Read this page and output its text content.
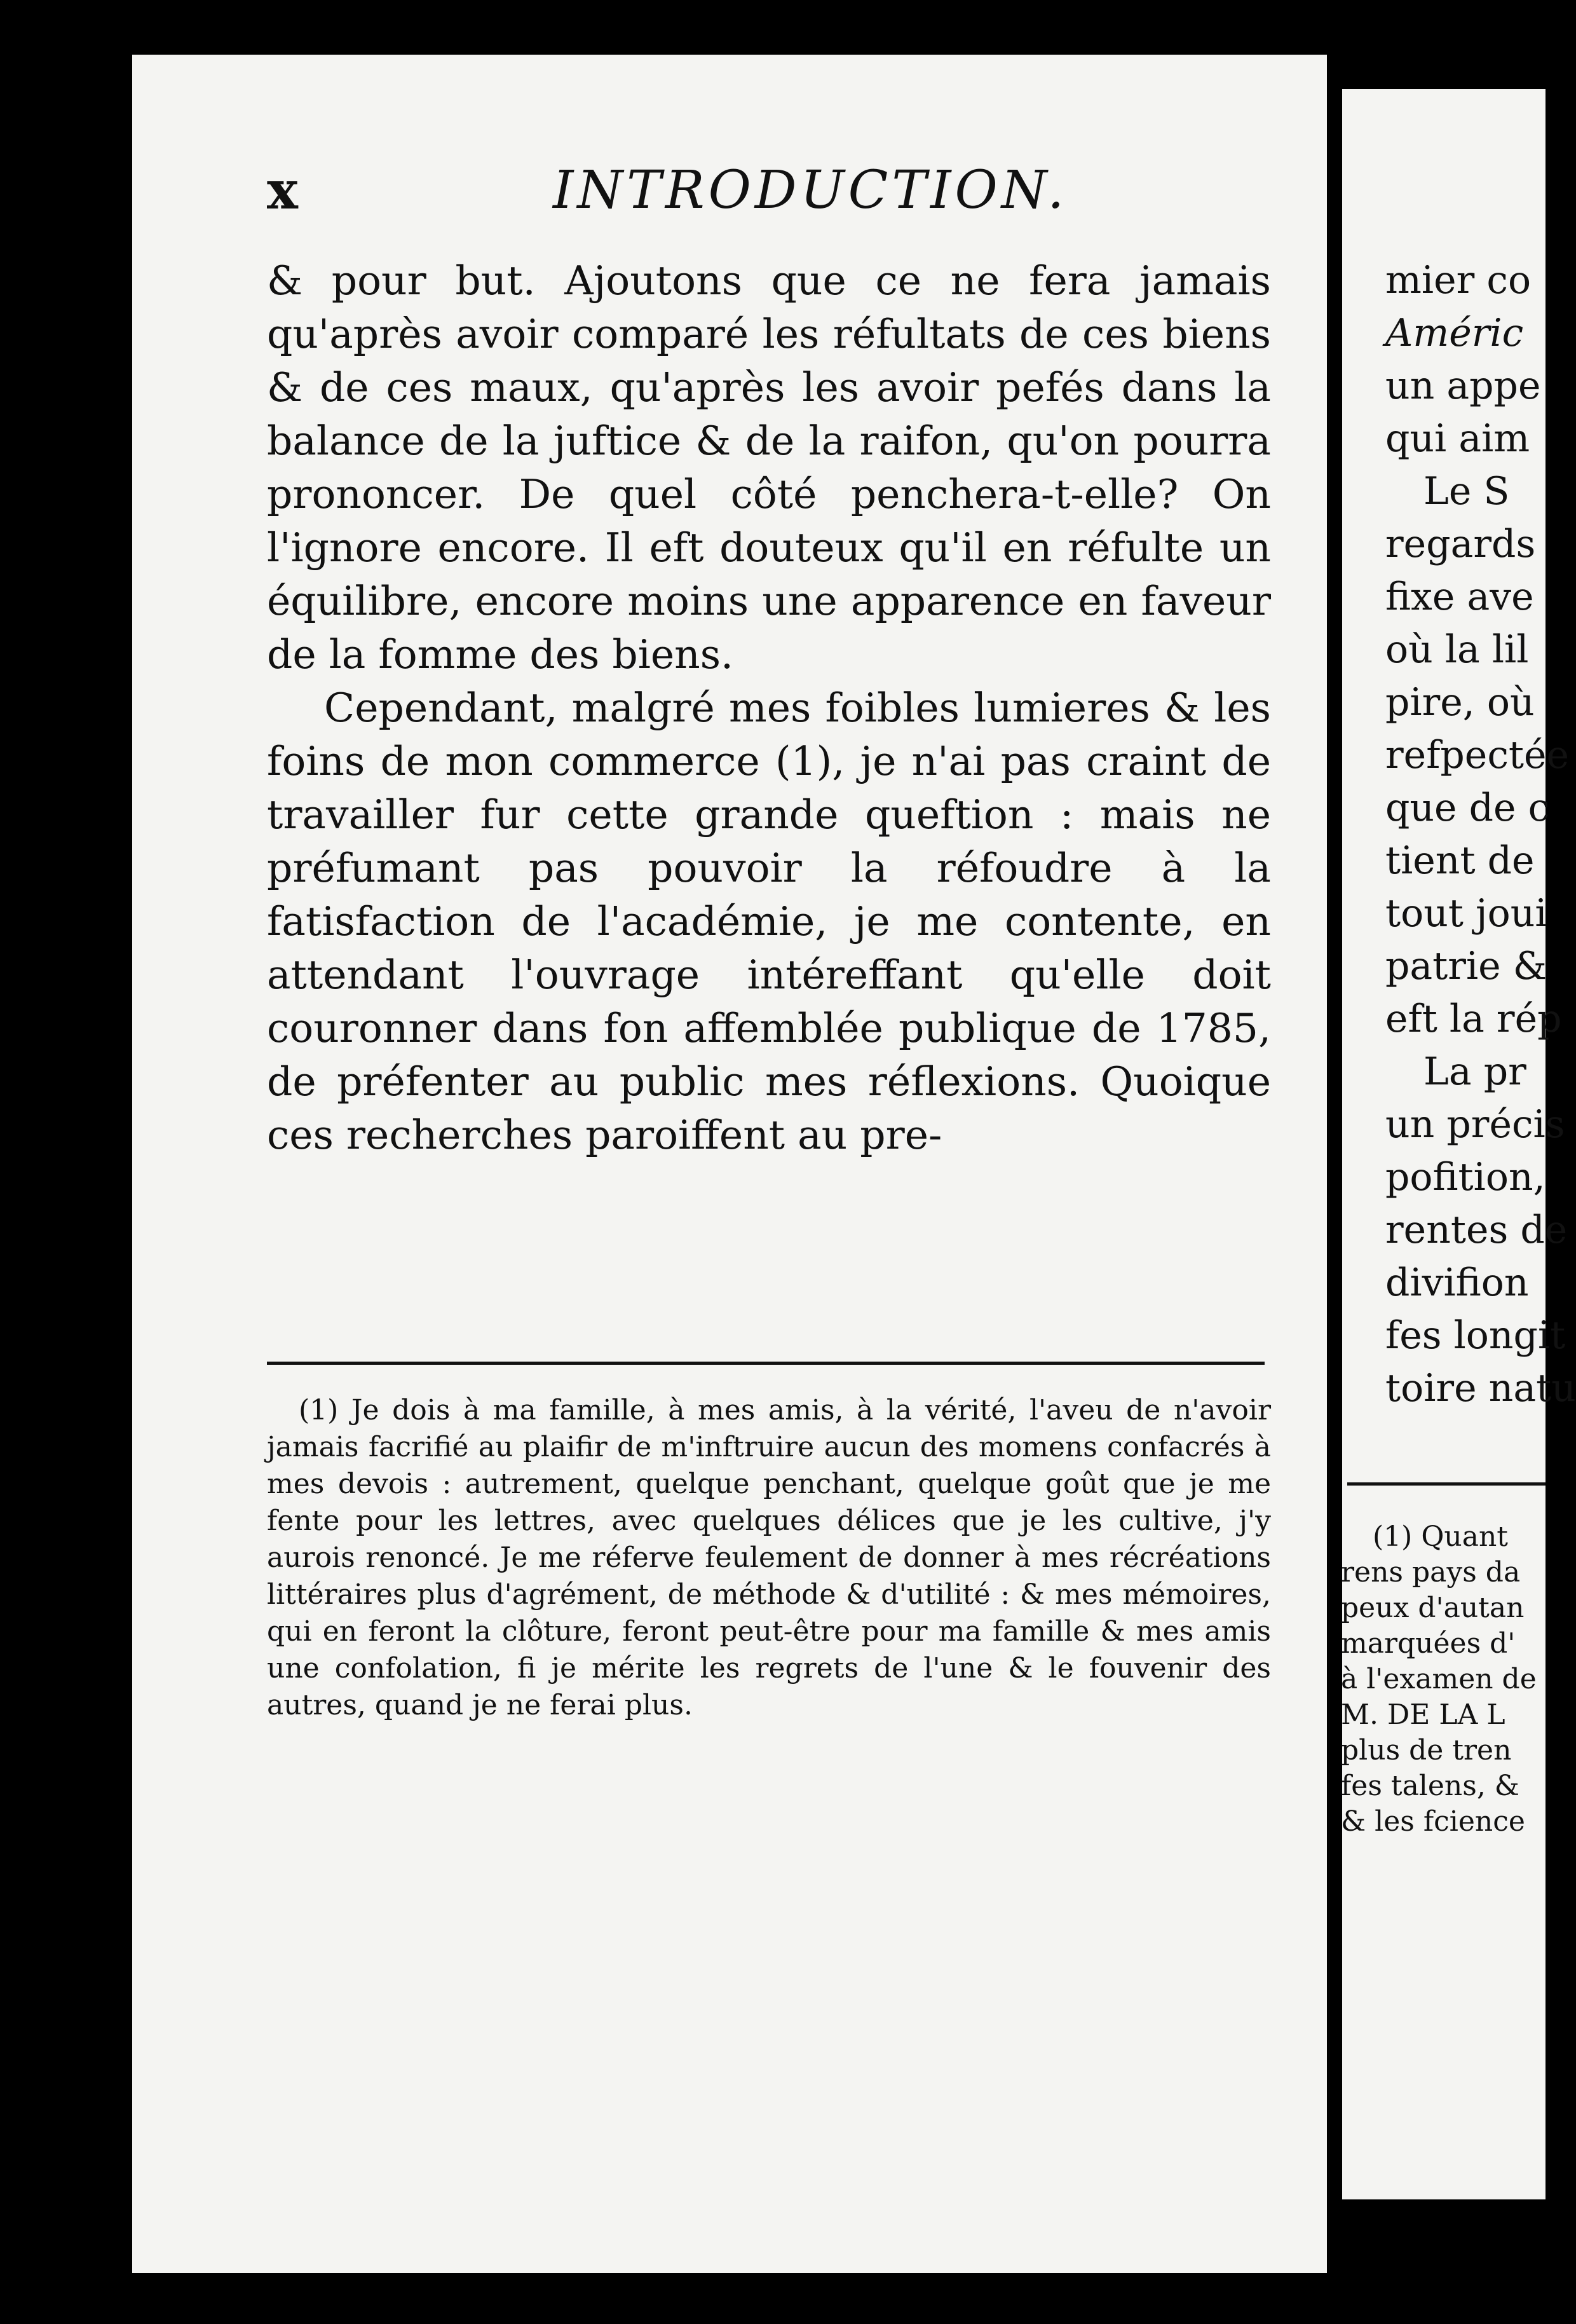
x	INTRODUCTION.

& pour but. Ajoutons que ce ne fera jamais qu'après avoir comparé les réfultats de ces biens & de ces maux, qu'après les avoir pefés dans la balance de la juftice & de la raifon, qu'on pourra prononcer. De quel côté penchera-t-elle? On l'ignore encore. Il eft douteux qu'il en réfulte un équilibre, encore moins une apparence en faveur de la fomme des biens.

Cependant, malgré mes foibles lumieres & les foins de mon commerce (1), je n'ai pas craint de travailler fur cette grande queftion : mais ne préfumant pas pouvoir la réfoudre à la fatisfaction de l'académie, je me contente, en attendant l'ouvrage intéreffant qu'elle doit couronner dans fon affemblée publique de 1785, de préfenter au public mes réflexions. Quoique ces recherches paroiffent au pre-

(1) Je dois à ma famille, à mes amis, à la vérité, l'aveu de n'avoir jamais facrifié au plaifir de m'inftruire aucun des momens confacrés à mes devois : autrement, quelque penchant, quelque goût que je me fente pour les lettres, avec quelques délices que je les cultive, j'y aurois renoncé. Je me réferve feulement de donner à mes récréations littéraires plus d'agrément, de méthode & d'utilité : & mes mémoires, qui en feront la clôture, feront peut-être pour ma famille & mes amis une confolation, fi je mérite les regrets de l'une & le fouvenir des autres, quand je ne ferai plus.

mier co
Améric
un appe
qui aim
Le S
regards
fixe ave
où la lil
pire, où
refpectée
que de c
tient de
tout joui
patrie &
eft la rép
La pr
un précis
pofition,
rentes de
divifion
fes longit
toire natu
(1) Quant
rens pays da
peux d'autan
marquées d'
à l'examen de
M. DE LA L
plus de tren
fes talens, &
& les fcience
